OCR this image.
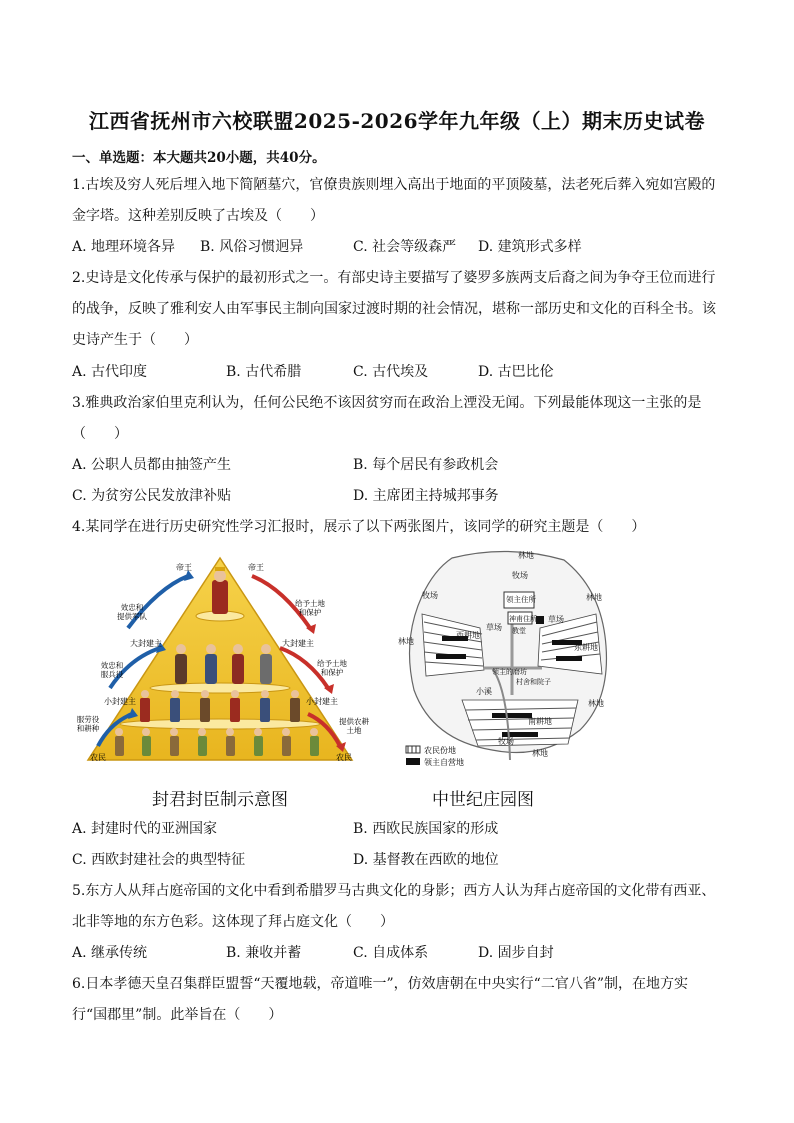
江西省抚州市六校联盟2025-2026学年九年级（上）期末历史试卷
一、单选题：本大题共20小题，共40分。
1.古埃及穷人死后埋入地下简陋墓穴，官僚贵族则埋入高出于地面的平顶陵墓，法老死后葬入宛如宫殿的
金字塔。这种差别反映了古埃及（　　）
A. 地理环境各异 B. 风俗习惯迥异	C. 社会等级森严 D. 建筑形式多样
2.史诗是文化传承与保护的最初形式之一。有部史诗主要描写了婆罗多族两支后裔之间为争夺王位而进行
的战争，反映了雅利安人由军事民主制向国家过渡时期的社会情况，堪称一部历史和文化的百科全书。该
史诗产生于（　　）
A. 古代印度	B. 古代希腊	C. 古代埃及	D. 古巴比伦
3.雅典政治家伯里克利认为，任何公民绝不该因贫穷而在政治上湮没无闻。下列最能体现这一主张的是
（　　）
A. 公职人员都由抽签产生	B. 每个居民有参政机会
C. 为贫穷公民发放津补贴	D. 主席团主持城邦事务
4.某同学在进行历史研究性学习汇报时，展示了以下两张图片，该同学的研究主题是（　　）
帝王	帝王
大封建主	大封建主
小封建主	小封建主
农民	农民
效忠和提供军队
效忠和服兵役
服劳役和耕种
给予土地和保护
给予土地和保护
提供农耕土地
封君封臣制示意图
林地
牧场
领主住所
神甫住所
教堂
草场
草场
林地
西耕地
东耕地
林地
领主的磨坊
村舍和院子
小溪
南耕地
牧场
林地
林地
牧场
农民份地
领主自营地
中世纪庄园图
A. 封建时代的亚洲国家	B. 西欧民族国家的形成
C. 西欧封建社会的典型特征	D. 基督教在西欧的地位
5.东方人从拜占庭帝国的文化中看到希腊罗马古典文化的身影；西方人认为拜占庭帝国的文化带有西亚、
北非等地的东方色彩。这体现了拜占庭文化（　　）
A. 继承传统	B. 兼收并蓄	C. 自成体系	D. 固步自封
6.日本孝德天皇召集群臣盟誓“天覆地载，帝道唯一”，仿效唐朝在中央实行“二官八省”制，在地方实
行“国郡里”制。此举旨在（　　）
